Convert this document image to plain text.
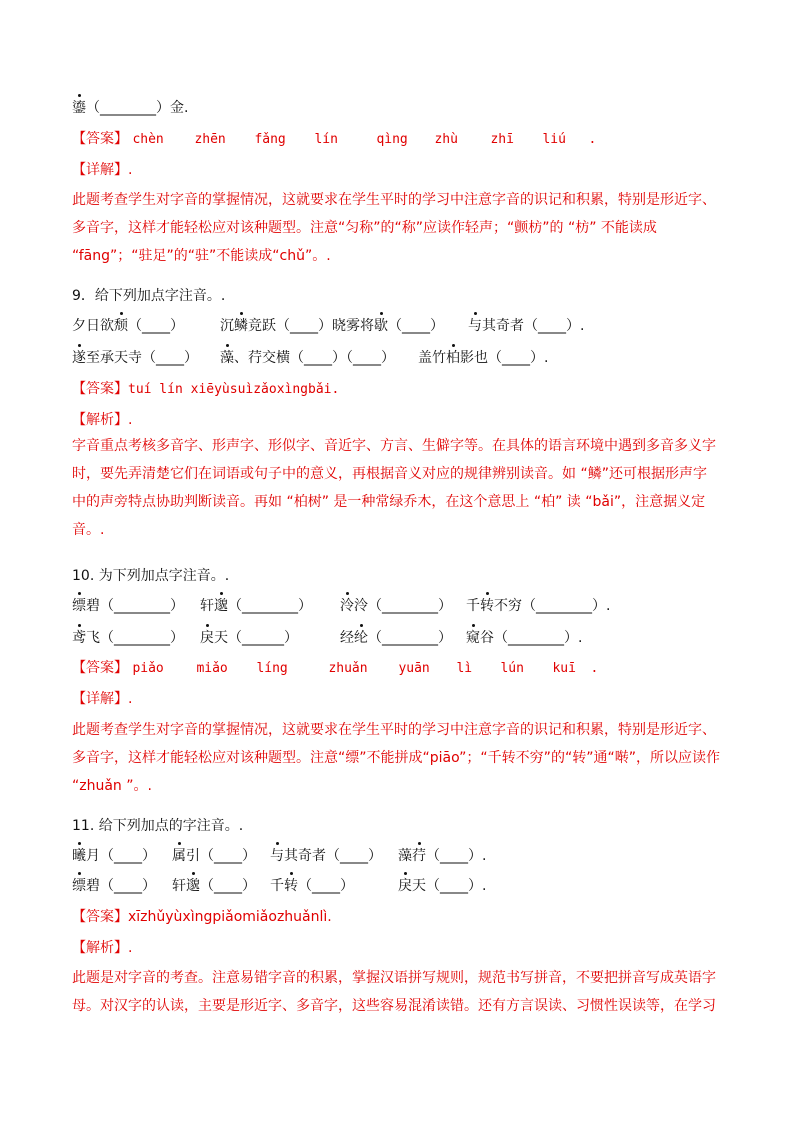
鎏（________）金.
【答案】 chèn zhēn fǎng lín	qìng zhù	zhī liú .
【详解】.

此题考查学生对字音的掌握情况，这就要求在学生平时的学习中注意字音的识记和积累，特别是形近字、

多音字，这样才能轻松应对该种题型。注意“匀称”的“称”应读作轻声；“颤枋”的 “枋” 不能读成

“fāng”；“驻足”的“驻”不能读成“chǔ”。.

9．给下列加点字注音。.
夕日欲颓（____）	沉鳞竞跃（____） 晓雾将歇（____） 与其奇者（____）.
遂至承天寺（____） 藻、荇交横（____）（____） 盖竹柏影也（____）.
【答案】tuí lín xiēyùsuìzǎoxìngbǎi.
【解析】.

字音重点考核多音字、形声字、形似字、音近字、方言、生僻字等。在具体的语言环境中遇到多音多义字

时，要先弄清楚它们在词语或句子中的意义，再根据音义对应的规律辨别读音。如 “鳞”还可根据形声字

中的声旁特点协助判断读音。再如 “柏树” 是一种常绿乔木，在这个意思上 “柏” 读 “bǎi”，注意据义定

音。.

10. 为下列加点字注音。.
缥碧（________） 轩邈（________） 泠泠（________） 千转不穷（________）.
鸢飞（________） 戾天（______）	经纶（________） 窥谷（________）.
【答案】 piǎo	miǎo líng	zhuǎn yuān lì lún kuī .
【详解】.

此题考查学生对字音的掌握情况，这就要求在学生平时的学习中注意字音的识记和积累，特别是形近字、

多音字，这样才能轻松应对该种题型。注意“缥”不能拼成“piāo”；“千转不穷”的“转”通“啭”，所以应读作

“zhuǎn ”。.

11. 给下列加点的字注音。.
曦月（____） 属引（____） 与其奇者（____） 藻荇（____）.
缥碧（____） 轩邈（____） 千转（____）	戾天（____）.
【答案】xīzhǔyùxìngpiǎomiǎozhuǎnlì.
【解析】.

此题是对字音的考查。注意易错字音的积累，掌握汉语拼写规则，规范书写拼音，不要把拼音写成英语字

母。对汉字的认读，主要是形近字、多音字，这些容易混淆读错。还有方言误读、习惯性误读等，在学习
